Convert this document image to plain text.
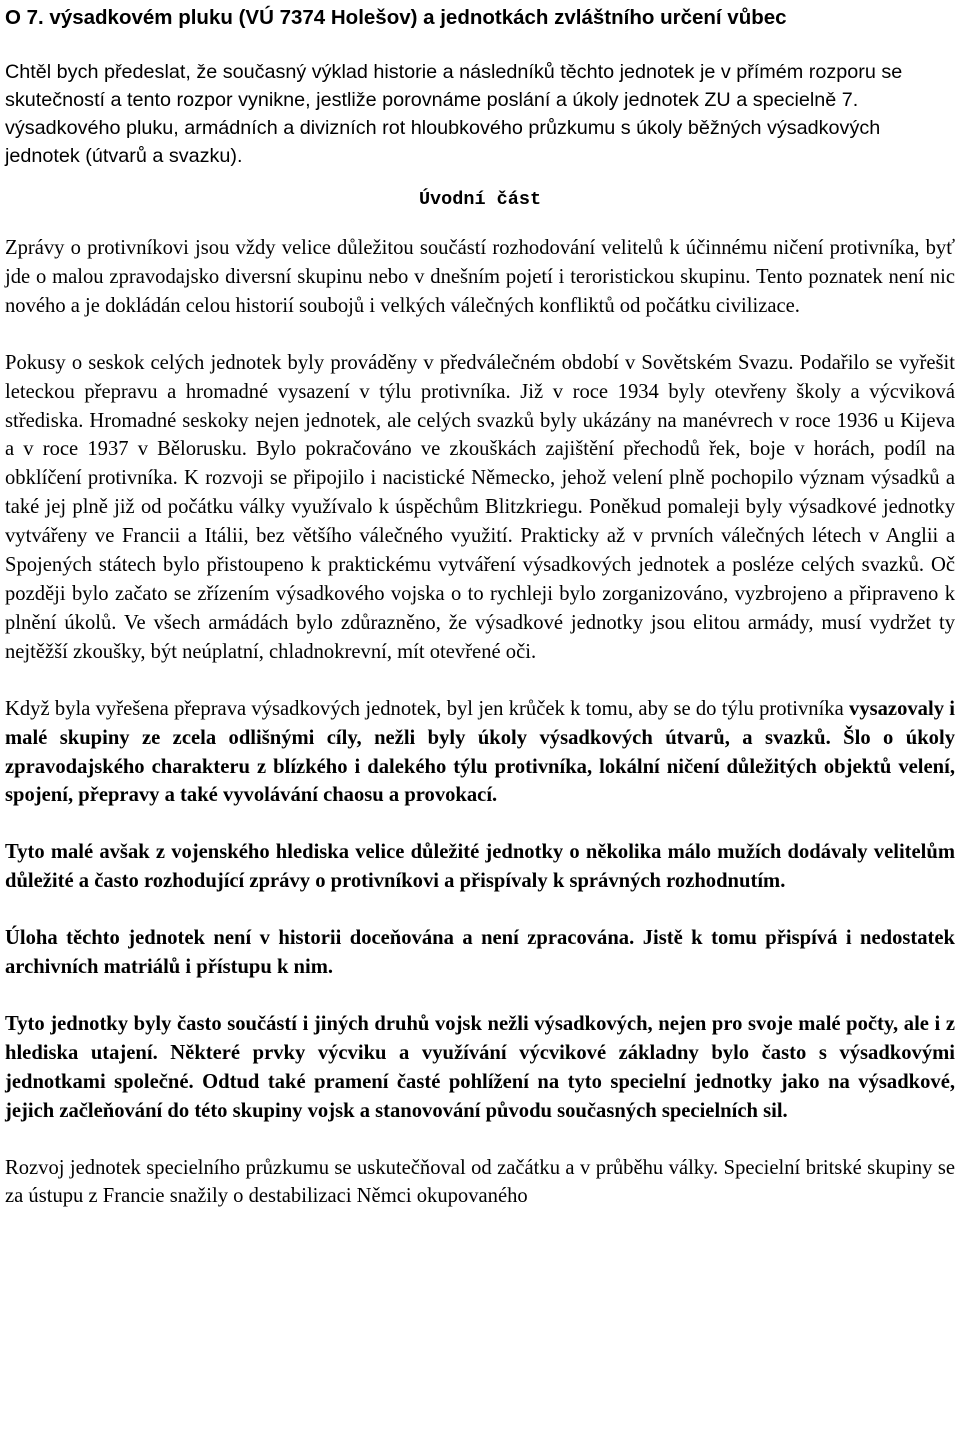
O 7. výsadkovém pluku (VÚ 7374 Holešov) a jednotkách zvláštního určení vůbec

Chtěl bych předeslat, že současný výklad historie a následníků těchto jednotek je v přímém rozporu se skutečností a tento rozpor vynikne, jestliže porovnáme poslání a úkoly jednotek ZU a specielně 7. výsadkového pluku, armádních a divizních rot hloubkového průzkumu s úkoly běžných výsadkových jednotek (útvarů a svazku).

Úvodní část

Zprávy o protivníkovi jsou vždy velice důležitou součástí rozhodování velitelů k účinnému ničení protivníka, byť jde o malou zpravodajsko diversní skupinu nebo v dnešním pojetí i teroristickou skupinu. Tento poznatek není nic nového a je dokládán celou historií soubojů i velkých válečných konfliktů od počátku civilizace.

Pokusy o seskok celých jednotek byly prováděny v předválečném období v Sovětském Svazu. Podařilo se vyřešit leteckou přepravu a hromadné vysazení v týlu protivníka. Již v roce 1934 byly otevřeny školy a výcviková střediska. Hromadné seskoky nejen jednotek, ale celých svazků byly ukázány na manévrech v roce 1936 u Kijeva a v roce 1937 v Bělorusku. Bylo pokračováno ve zkouškách zajištění přechodů řek, boje v horách, podíl na obklíčení protivníka. K rozvoji se připojilo i nacistické Německo, jehož velení plně pochopilo význam výsadků a také jej plně již od počátku války využívalo k úspěchům Blitzkriegu. Poněkud pomaleji byly výsadkové jednotky vytvářeny ve Francii a Itálii, bez většího válečného využití. Prakticky až v prvních válečných létech v Anglii a Spojených státech bylo přistoupeno k praktickému vytváření výsadkových jednotek a posléze celých svazků. Oč později bylo začato se zřízením výsadkového vojska o to rychleji bylo zorganizováno, vyzbrojeno a připraveno k plnění úkolů. Ve všech armádách bylo zdůrazněno, že výsadkové jednotky jsou elitou armády, musí vydržet ty nejtěžší zkoušky, být neúplatní, chladnokrevní, mít otevřené oči.

Když byla vyřešena přeprava výsadkových jednotek, byl jen krůček k tomu, aby se do týlu protivníka vysazovaly i malé skupiny ze zcela odlišnými cíly, nežli byly úkoly výsadkových útvarů, a svazků. Šlo o úkoly zpravodajského charakteru z blízkého i dalekého týlu protivníka, lokální ničení důležitých objektů velení, spojení, přepravy a také vyvolávání chaosu a provokací.

Tyto malé avšak z vojenského hlediska velice důležité jednotky o několika málo mužích dodávaly velitelům důležité a často rozhodující zprávy o protivníkovi a přispívaly k správných rozhodnutím.

Úloha těchto jednotek není v historii doceňována a není zpracována. Jistě k tomu přispívá i nedostatek archivních matriálů i přístupu k nim.

Tyto jednotky byly často součástí i jiných druhů vojsk nežli výsadkových, nejen pro svoje malé počty, ale i z hlediska utajení. Některé prvky výcviku a využívání výcvikové základny bylo často s výsadkovými jednotkami společné. Odtud také pramení časté pohlížení na tyto specielní jednotky jako na výsadkové, jejich začleňování do této skupiny vojsk a stanovování původu současných specielních sil.

Rozvoj jednotek specielního průzkumu se uskutečňoval od začátku a v průběhu války. Specielní britské skupiny se za ústupu z Francie snažily o destabilizaci Němci okupovaného
